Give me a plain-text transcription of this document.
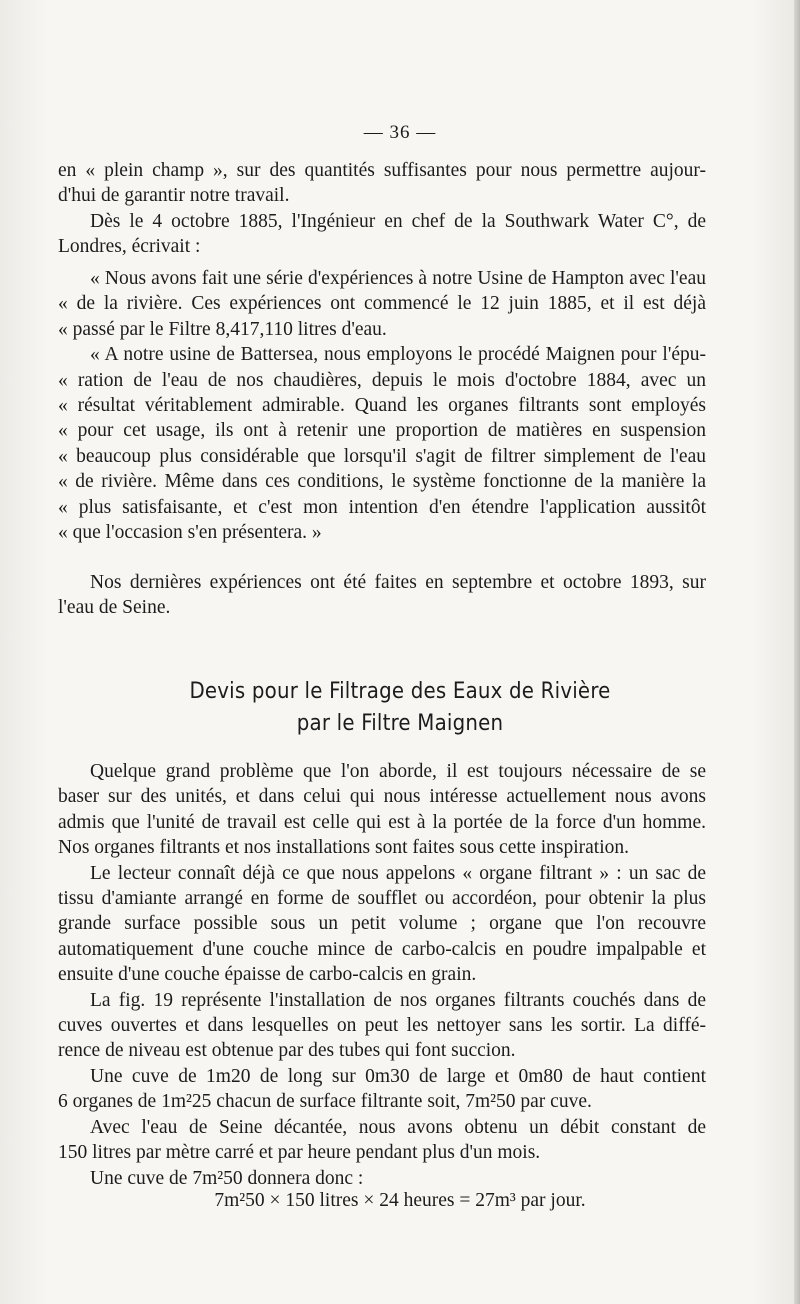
— 36 —
en « plein champ », sur des quantités suffisantes pour nous permettre aujour-
d'hui de garantir notre travail.
Dès le 4 octobre 1885, l'Ingénieur en chef de la Southwark Water C°, de
Londres, écrivait :
« Nous avons fait une série d'expériences à notre Usine de Hampton avec l'eau
« de la rivière. Ces expériences ont commencé le 12 juin 1885, et il est déjà
« passé par le Filtre 8,417,110 litres d'eau.
« A notre usine de Battersea, nous employons le procédé Maignen pour l'épu-
« ration de l'eau de nos chaudières, depuis le mois d'octobre 1884, avec un
« résultat véritablement admirable. Quand les organes filtrants sont employés
« pour cet usage, ils ont à retenir une proportion de matières en suspension
« beaucoup plus considérable que lorsqu'il s'agit de filtrer simplement de l'eau
« de rivière. Même dans ces conditions, le système fonctionne de la manière la
« plus satisfaisante, et c'est mon intention d'en étendre l'application aussitôt
« que l'occasion s'en présentera. »
Nos dernières expériences ont été faites en septembre et octobre 1893, sur
l'eau de Seine.
Devis pour le Filtrage des Eaux de Rivière
par le Filtre Maignen
Quelque grand problème que l'on aborde, il est toujours nécessaire de se
baser sur des unités, et dans celui qui nous intéresse actuellement nous avons
admis que l'unité de travail est celle qui est à la portée de la force d'un homme.
Nos organes filtrants et nos installations sont faites sous cette inspiration.
Le lecteur connaît déjà ce que nous appelons « organe filtrant » : un sac de
tissu d'amiante arrangé en forme de soufflet ou accordéon, pour obtenir la plus
grande surface possible sous un petit volume ; organe que l'on recouvre
automatiquement d'une couche mince de carbo-calcis en poudre impalpable et
ensuite d'une couche épaisse de carbo-calcis en grain.
La fig. 19 représente l'installation de nos organes filtrants couchés dans de
cuves ouvertes et dans lesquelles on peut les nettoyer sans les sortir. La diffé-
rence de niveau est obtenue par des tubes qui font succion.
Une cuve de 1m20 de long sur 0m30 de large et 0m80 de haut contient
6 organes de 1m²25 chacun de surface filtrante soit, 7m²50 par cuve.
Avec l'eau de Seine décantée, nous avons obtenu un débit constant de
150 litres par mètre carré et par heure pendant plus d'un mois.
Une cuve de 7m²50 donnera donc :
7m²50 × 150 litres × 24 heures = 27m³ par jour.
